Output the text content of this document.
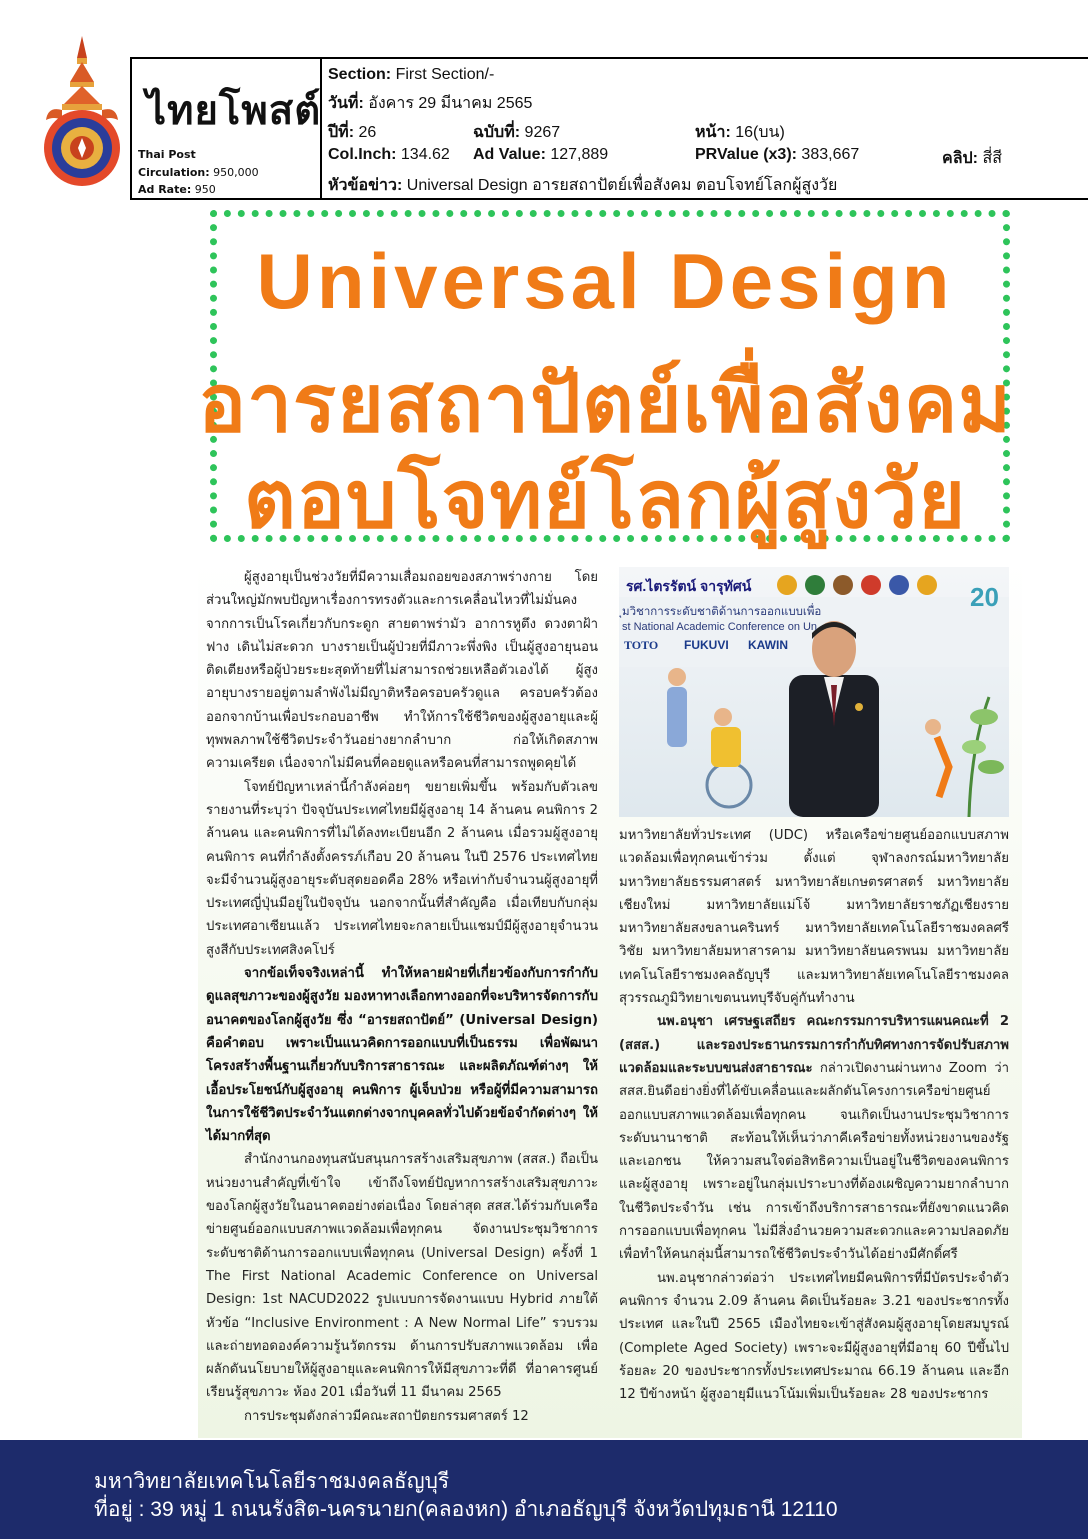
ไทยโพสต์
Thai Post
Circulation: 950,000
Ad Rate: 950
Section: First Section/-
วันที่: อังคาร 29 มีนาคม 2565
ปีที่: 26	ฉบับที่: 9267	หน้า: 16(บน)
Col.Inch: 134.62 Ad Value: 127,889	PRValue (x3): 383,667	คลิป: สี่สี
หัวข้อข่าว: Universal Design อารยสถาปัตย์เพื่อสังคม ตอบโจทย์โลกผู้สูงวัย
Universal Design
อารยสถาปัตย์เพื่อสังคม
ตอบโจทย์โลกผู้สูงวัย

ผู้สูงอายุเป็นช่วงวัยที่มีความเสื่อมถอยของสภาพร่างกาย โดยส่วนใหญ่มักพบปัญหาเรื่องการทรงตัวและการเคลื่อนไหวที่ไม่มั่นคง จากการเป็นโรคเกี่ยวกับกระดูก สายตาพร่ามัว อาการหูตึง ดวงตาฝ้าฟาง เดินไม่สะดวก บางรายเป็นผู้ป่วยที่มีภาวะพึ่งพิง เป็นผู้สูงอายุนอนติดเตียงหรือผู้ป่วยระยะสุดท้ายที่ไม่สามารถช่วยเหลือตัวเองได้ ผู้สูงอายุบางรายอยู่ตามลำพังไม่มีญาติหรือครอบครัวดูแล ครอบครัวต้องออกจากบ้านเพื่อประกอบอาชีพ ทำให้การใช้ชีวิตของผู้สูงอายุและผู้ทุพพลภาพใช้ชีวิตประจำวันอย่างยากลำบาก ก่อให้เกิดสภาพความเครียด เนื่องจากไม่มีคนที่คอยดูแลหรือคนที่สามารถพูดคุยได้

โจทย์ปัญหาเหล่านี้กำลังค่อยๆ ขยายเพิ่มขึ้น พร้อมกับตัวเลขรายงานที่ระบุว่า ปัจจุบันประเทศไทยมีผู้สูงอายุ 14 ล้านคน คนพิการ 2 ล้านคน และคนพิการที่ไม่ได้ลงทะเบียนอีก 2 ล้านคน เมื่อรวมผู้สูงอายุ คนพิการ คนที่กำลังตั้งครรภ์เกือบ 20 ล้านคน ในปี 2576 ประเทศไทยจะมีจำนวนผู้สูงอายุระดับสุดยอดคือ 28% หรือเท่ากับจำนวนผู้สูงอายุที่ประเทศญี่ปุ่นมีอยู่ในปัจจุบัน นอกจากนั้นที่สำคัญคือ เมื่อเทียบกับกลุ่มประเทศอาเซียนแล้ว ประเทศไทยจะกลายเป็นแชมป์มีผู้สูงอายุจำนวนสูงสีกับประเทศสิงคโปร์

จากข้อเท็จจริงเหล่านี้ ทำให้หลายฝ่ายที่เกี่ยวข้องกับการกำกับดูแลสุขภาวะของผู้สูงวัย มองหาทางเลือกทางออกที่จะบริหารจัดการกับอนาคตของโลกผู้สูงวัย ซึ่ง “อารยสถาปัตย์” (Universal Design) คือคำตอบ เพราะเป็นแนวคิดการออกแบบที่เป็นธรรม เพื่อพัฒนาโครงสร้างพื้นฐานเกี่ยวกับบริการสาธารณะ และผลิตภัณฑ์ต่างๆ ให้เอื้อประโยชน์กับผู้สูงอายุ คนพิการ ผู้เจ็บป่วย หรือผู้ที่มีความสามารถในการใช้ชีวิตประจำวันแตกต่างจากบุคคลทั่วไปด้วยข้อจำกัดต่างๆ ให้ได้มากที่สุด

สำนักงานกองทุนสนับสนุนการสร้างเสริมสุขภาพ (สสส.) ถือเป็นหน่วยงานสำคัญที่เข้าใจ เข้าถึงโจทย์ปัญหาการสร้างเสริมสุขภาวะของโลกผู้สูงวัยในอนาคตอย่างต่อเนื่อง โดยล่าสุด สสส.ได้ร่วมกับเครือข่ายศูนย์ออกแบบสภาพแวดล้อมเพื่อทุกคน จัดงานประชุมวิชาการระดับชาติด้านการออกแบบเพื่อทุกคน (Universal Design) ครั้งที่ 1 The First National Academic Conference on Universal Design: 1st NACUD2022 รูปแบบการจัดงานแบบ Hybrid ภายใต้หัวข้อ “Inclusive Environment : A New Normal Life” รวบรวมและถ่ายทอดองค์ความรู้นวัตกรรม ด้านการปรับสภาพแวดล้อม เพื่อผลักดันนโยบายให้ผู้สูงอายุและคนพิการให้มีสุขภาวะที่ดี ที่อาคารศูนย์เรียนรู้สุขภาวะ ห้อง 201 เมื่อวันที่ 11 มีนาคม 2565

การประชุมดังกล่าวมีคณะสถาปัตยกรรมศาสตร์ 12

รศ.ไตรรัตน์ จารุทัศน์
ุมวิชาการระดับชาติด้านการออกแบบเพื่อ
st National Academic Conference on Un
TOTO FUKUVI KAWIN
20

มหาวิทยาลัยทั่วประเทศ (UDC) หรือเครือข่ายศูนย์ออกแบบสภาพแวดล้อมเพื่อทุกคนเข้าร่วม ตั้งแต่ จุฬาลงกรณ์มหาวิทยาลัย มหาวิทยาลัยธรรมศาสตร์ มหาวิทยาลัยเกษตรศาสตร์ มหาวิทยาลัยเชียงใหม่ มหาวิทยาลัยแม่โจ้ มหาวิทยาลัยราชภัฏเชียงราย มหาวิทยาลัยสงขลานครินทร์ มหาวิทยาลัยเทคโนโลยีราชมงคลศรีวิชัย มหาวิทยาลัยมหาสารคาม มหาวิทยาลัยนครพนม มหาวิทยาลัยเทคโนโลยีราชมงคลธัญบุรี และมหาวิทยาลัยเทคโนโลยีราชมงคลสุวรรณภูมิวิทยาเขตนนทบุรีจับคู่กันทำงาน

นพ.อนุชา เศรษฐเสถียร คณะกรรมการบริหารแผนคณะที่ 2 (สสส.) และรองประธานกรรมการกำกับทิศทางการจัดปรับสภาพแวดล้อมและระบบขนส่งสาธารณะ กล่าวเปิดงานผ่านทาง Zoom ว่า สสส.ยินดีอย่างยิ่งที่ได้ขับเคลื่อนและผลักดันโครงการเครือข่ายศูนย์ออกแบบสภาพแวดล้อมเพื่อทุกคน จนเกิดเป็นงานประชุมวิชาการระดับนานาชาติ สะท้อนให้เห็นว่าภาคีเครือข่ายทั้งหน่วยงานของรัฐและเอกชน ให้ความสนใจต่อสิทธิความเป็นอยู่ในชีวิตของคนพิการและผู้สูงอายุ เพราะอยู่ในกลุ่มเปราะบางที่ต้องเผชิญความยากลำบากในชีวิตประจำวัน เช่น การเข้าถึงบริการสาธารณะที่ยังขาดแนวคิดการออกแบบเพื่อทุกคน ไม่มีสิ่งอำนวยความสะดวกและความปลอดภัย เพื่อทำให้คนกลุ่มนี้สามารถใช้ชีวิตประจำวันได้อย่างมีศักดิ์ศรี

นพ.อนุชากล่าวต่อว่า ประเทศไทยมีคนพิการที่มีบัตรประจำตัวคนพิการ จำนวน 2.09 ล้านคน คิดเป็นร้อยละ 3.21 ของประชากรทั้งประเทศ และในปี 2565 เมืองไทยจะเข้าสู่สังคมผู้สูงอายุโดยสมบูรณ์ (Complete Aged Society) เพราะจะมีผู้สูงอายุที่มีอายุ 60 ปีขึ้นไปร้อยละ 20 ของประชากรทั้งประเทศประมาณ 66.19 ล้านคน และอีก 12 ปีข้างหน้า ผู้สูงอายุมีแนวโน้มเพิ่มเป็นร้อยละ 28 ของประชากร

มหาวิทยาลัยเทคโนโลยีราชมงคลธัญบุรี
ที่อยู่ : 39 หมู่ 1 ถนนรังสิต-นครนายก(คลองหก) อำเภอธัญบุรี จังหวัดปทุมธานี 12110
